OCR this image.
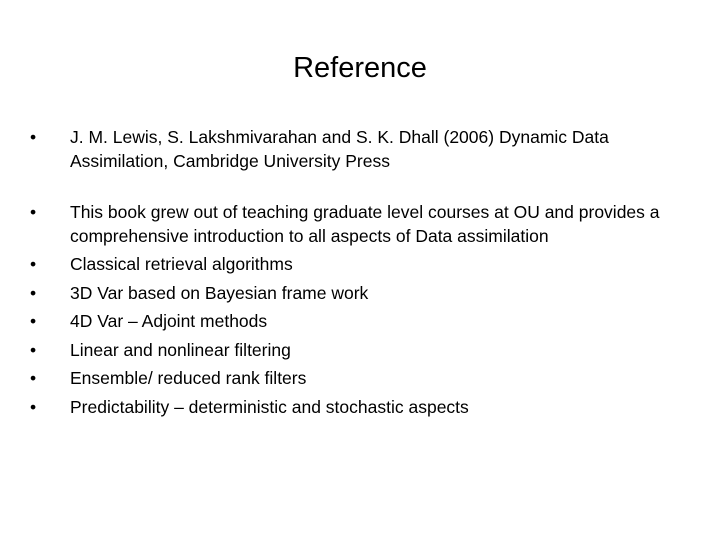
Reference
•	J. M. Lewis, S. Lakshmivarahan and S. K. Dhall (2006) Dynamic Data Assimilation, Cambridge University Press
•	This book grew out of teaching graduate level courses at OU and provides a comprehensive introduction to all aspects of Data assimilation
•	Classical retrieval algorithms
•	3D Var based on Bayesian frame work
•	4D Var – Adjoint methods
•	Linear and nonlinear filtering
•	Ensemble/ reduced rank filters
•	Predictability – deterministic and stochastic aspects
